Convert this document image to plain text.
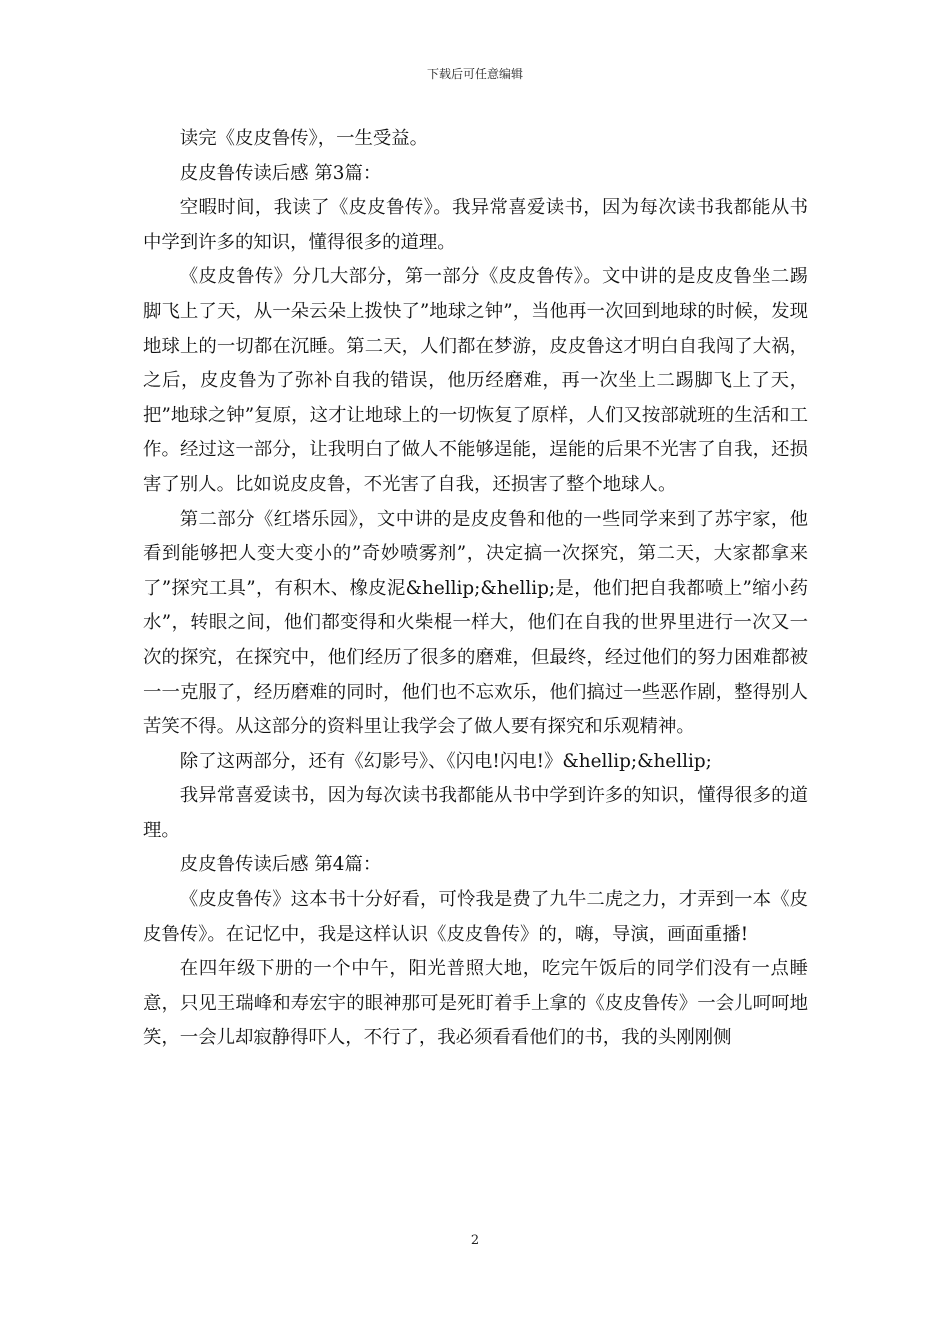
下载后可任意编辑

读完《皮皮鲁传》，一生受益。

皮皮鲁传读后感 第3篇：

空暇时间，我读了《皮皮鲁传》。我异常喜爱读书，因为每次读书我都能从书中学到许多的知识，懂得很多的道理。

《皮皮鲁传》分几大部分，第一部分《皮皮鲁传》。文中讲的是皮皮鲁坐二踢脚飞上了天，从一朵云朵上拨快了”地球之钟”，当他再一次回到地球的时候，发现地球上的一切都在沉睡。第二天，人们都在梦游，皮皮鲁这才明白自我闯了大祸，之后，皮皮鲁为了弥补自我的错误，他历经磨难，再一次坐上二踢脚飞上了天，把”地球之钟”复原，这才让地球上的一切恢复了原样，人们又按部就班的生活和工作。经过这一部分，让我明白了做人不能够逞能，逞能的后果不光害了自我，还损害了别人。比如说皮皮鲁，不光害了自我，还损害了整个地球人。

第二部分《红塔乐园》，文中讲的是皮皮鲁和他的一些同学来到了苏宇家，他看到能够把人变大变小的”奇妙喷雾剂”，决定搞一次探究，第二天，大家都拿来了”探究工具”，有积木、橡皮泥&hellip;&hellip;是，他们把自我都喷上”缩小药水”，转眼之间，他们都变得和火柴棍一样大，他们在自我的世界里进行一次又一次的探究，在探究中，他们经历了很多的磨难，但最终，经过他们的努力困难都被一一克服了，经历磨难的同时，他们也不忘欢乐，他们搞过一些恶作剧，整得别人苦笑不得。从这部分的资料里让我学会了做人要有探究和乐观精神。

除了这两部分，还有《幻影号》、《闪电!闪电!》&hellip;&hellip;

我异常喜爱读书，因为每次读书我都能从书中学到许多的知识，懂得很多的道理。

皮皮鲁传读后感 第4篇：

《皮皮鲁传》这本书十分好看，可怜我是费了九牛二虎之力，才弄到一本《皮皮鲁传》。在记忆中，我是这样认识《皮皮鲁传》的，嗨，导演，画面重播!

在四年级下册的一个中午，阳光普照大地，吃完午饭后的同学们没有一点睡意，只见王瑞峰和寿宏宇的眼神那可是死盯着手上拿的《皮皮鲁传》一会儿呵呵地笑，一会儿却寂静得吓人，不行了，我必须看看他们的书，我的头刚刚侧

2
